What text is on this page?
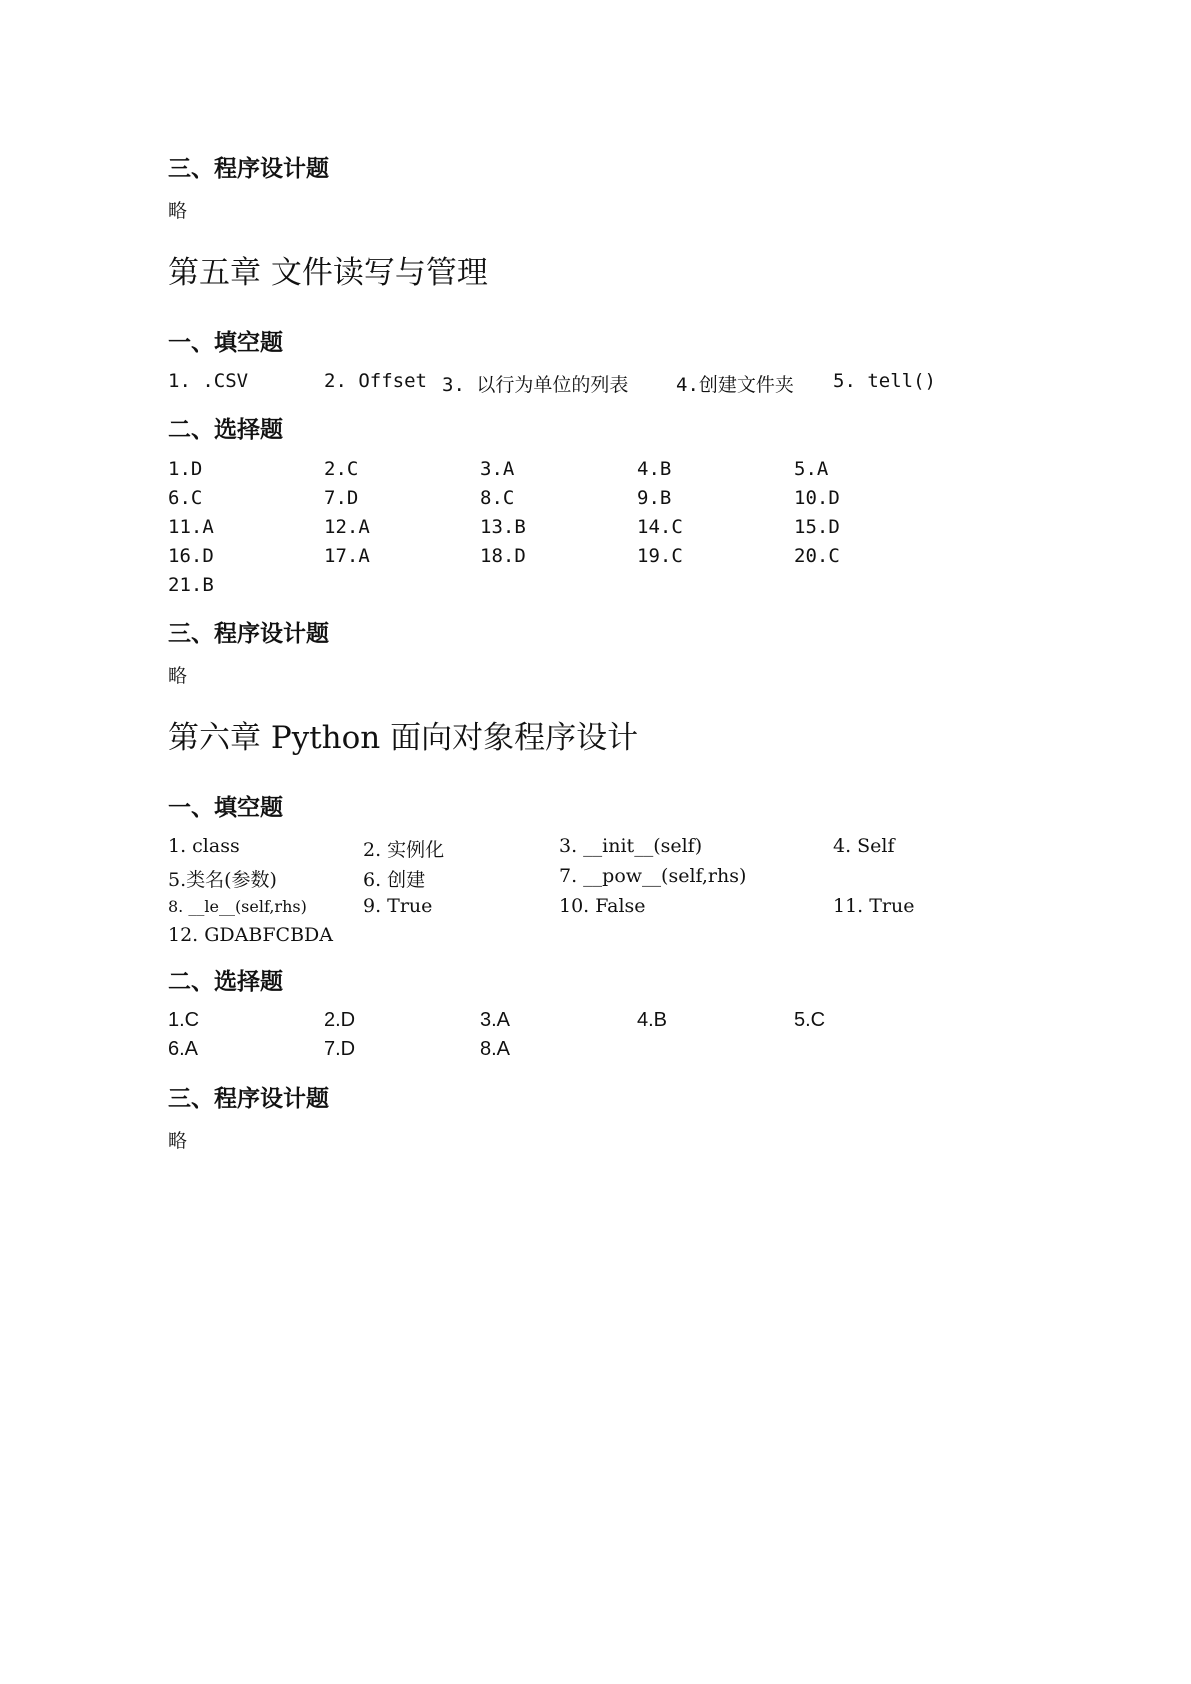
三、程序设计题
略
第五章 文件读写与管理
一、填空题
1. .CSV	2. Offset 3. 以行为单位的列表	4.创建文件夹 5. tell()
二、选择题
1.D	2.C	3.A	4.B	5.A
6.C	7.D	8.C	9.B	10.D
11.A	12.A	13.B	14.C	15.D
16.D	17.A	18.D	19.C	20.C
21.B
三、程序设计题
略
第六章 Python 面向对象程序设计
一、填空题
1. class	2. 实例化	3. __init__(self)	4. Self
5.类名(参数)	6. 创建	7. __pow__(self,rhs)
8. __le__(self,rhs)	9. True	10. False	11. True
12. GDABFCBDA
二、选择题
1.C	2.D	3.A	4.B	5.C
6.A	7.D	8.A
三、程序设计题
略
